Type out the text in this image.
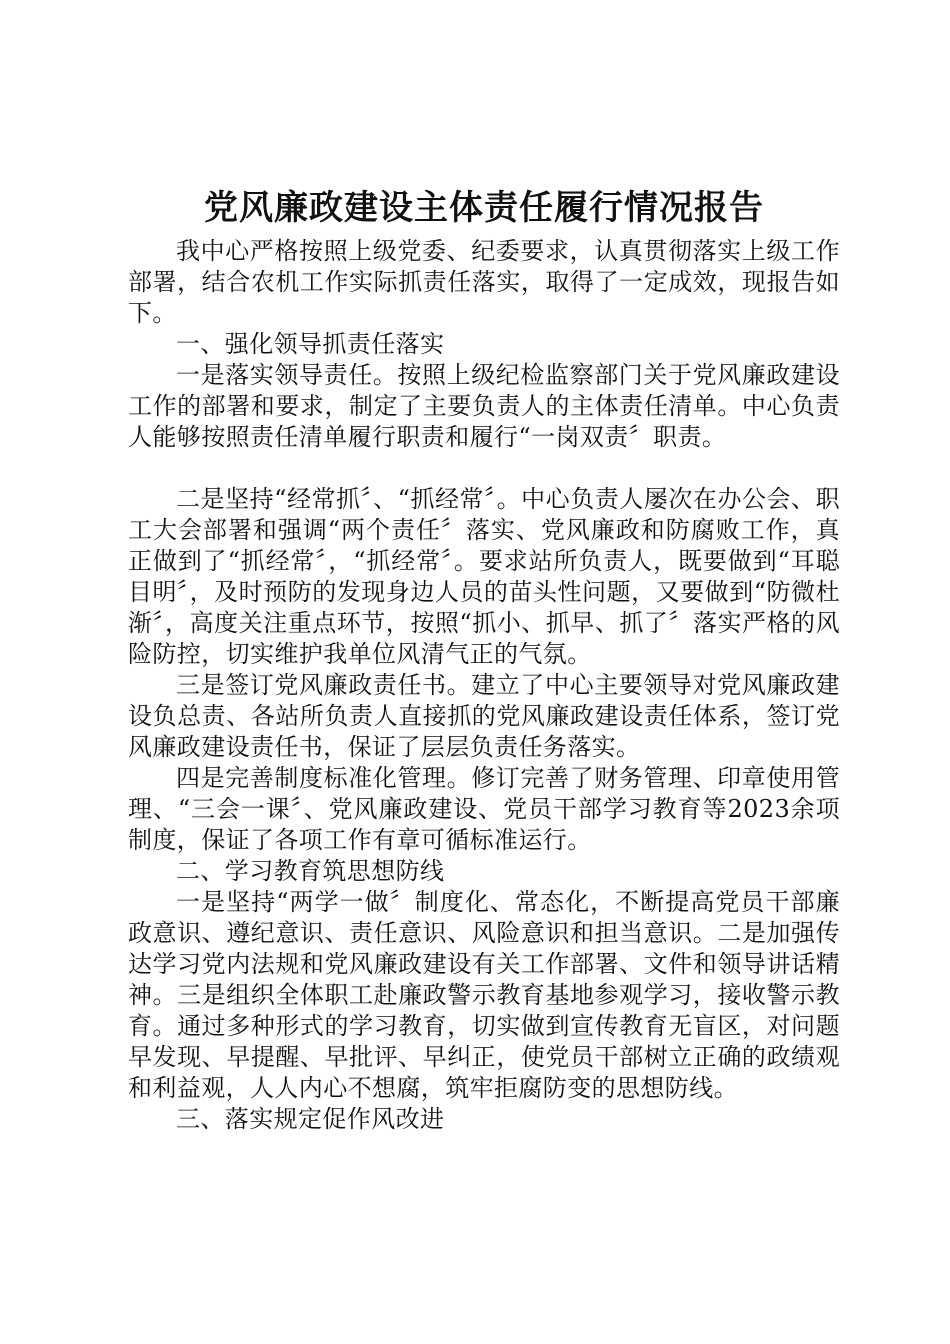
党风廉政建设主体责任履行情况报告

我中心严格按照上级党委、纪委要求，认真贯彻落实上级工作部署，结合农机工作实际抓责任落实，取得了一定成效，现报告如下。

一、强化领导抓责任落实

一是落实领导责任。按照上级纪检监察部门关于党风廉政建设工作的部署和要求，制定了主要负责人的主体责任清单。中心负责人能够按照责任清单履行职责和履行“一岗双责〞职责。

二是坚持“经常抓〞、“抓经常〞。中心负责人屡次在办公会、职工大会部署和强调“两个责任〞落实、党风廉政和防腐败工作，真正做到了“抓经常〞，“抓经常〞。要求站所负责人，既要做到“耳聪目明〞，及时预防的发现身边人员的苗头性问题，又要做到“防微杜渐〞，高度关注重点环节，按照“抓小、抓早、抓了〞落实严格的风险防控，切实维护我单位风清气正的气氛。

三是签订党风廉政责任书。建立了中心主要领导对党风廉政建设负总责、各站所负责人直接抓的党风廉政建设责任体系，签订党风廉政建设责任书，保证了层层负责任务落实。

四是完善制度标准化管理。修订完善了财务管理、印章使用管理、“三会一课〞、党风廉政建设、党员干部学习教育等2023余项制度，保证了各项工作有章可循标准运行。

二、学习教育筑思想防线

一是坚持“两学一做〞制度化、常态化，不断提高党员干部廉政意识、遵纪意识、责任意识、风险意识和担当意识。二是加强传达学习党内法规和党风廉政建设有关工作部署、文件和领导讲话精神。三是组织全体职工赴廉政警示教育基地参观学习，接收警示教育。通过多种形式的学习教育，切实做到宣传教育无盲区，对问题早发现、早提醒、早批评、早纠正，使党员干部树立正确的政绩观和利益观，人人内心不想腐，筑牢拒腐防变的思想防线。

三、落实规定促作风改进
